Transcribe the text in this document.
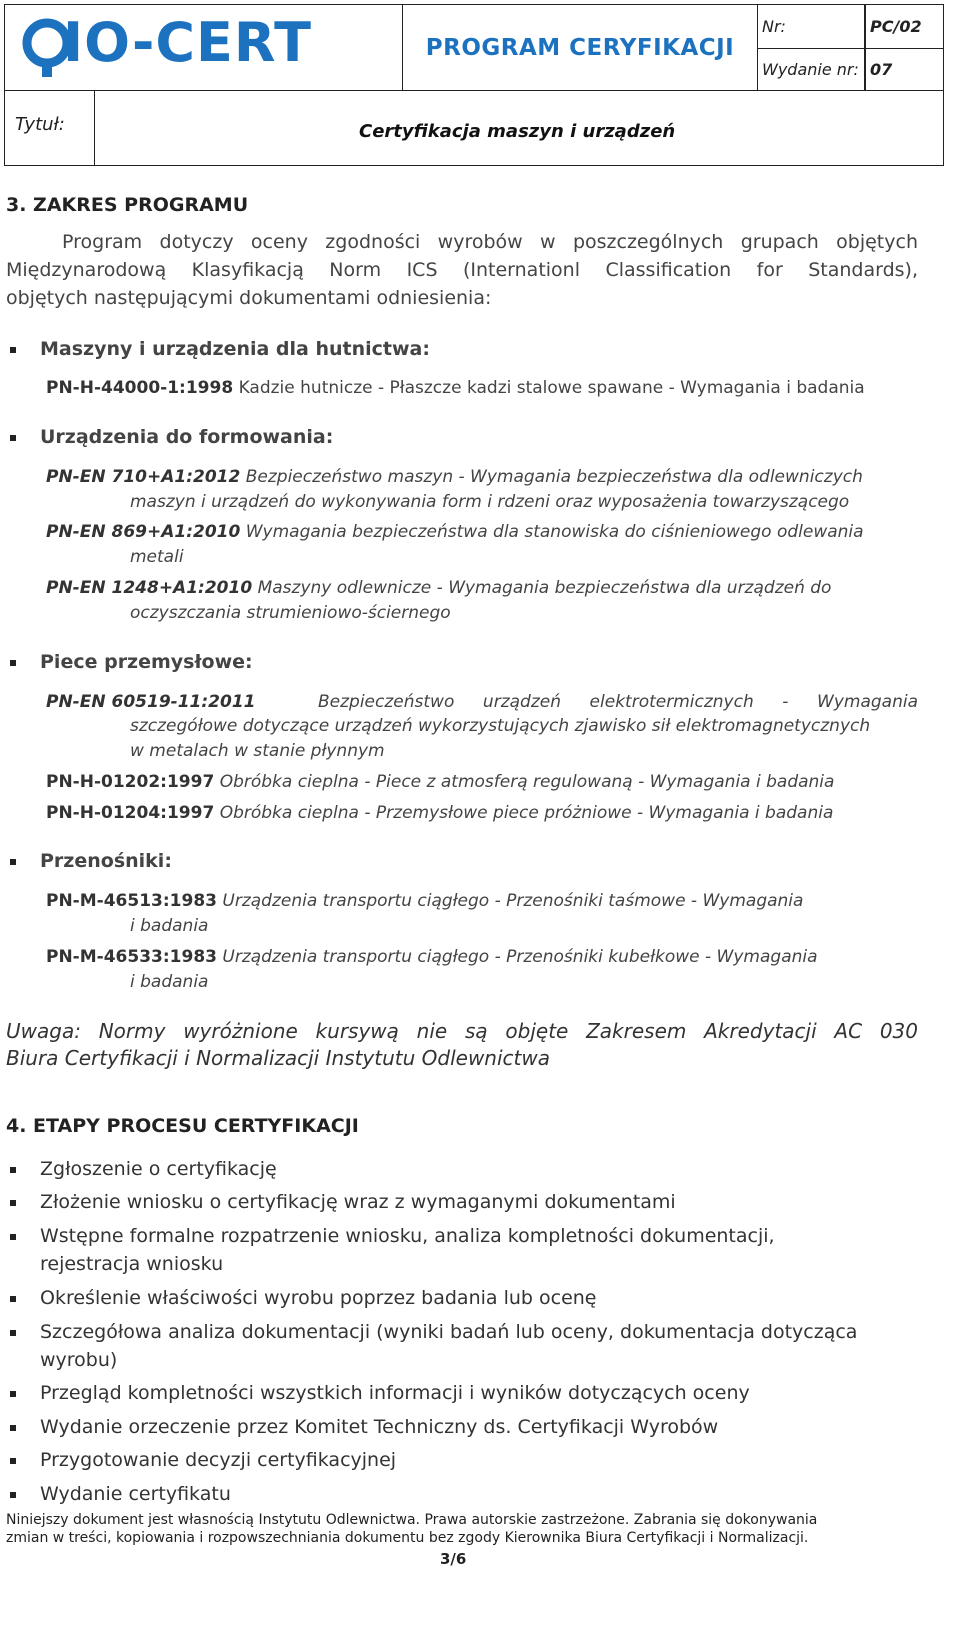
IO-CERT	PROGRAM CERYFIKACJI
Nr:	PC/02
Wydanie nr: 07
Tytuł:	Certyfikacja maszyn i urządzeń
3. ZAKRES PROGRAMU
Program dotyczy oceny zgodności wyrobów w poszczególnych grupach objętych
Międzynarodową Klasyfikacją Norm ICS (Internationl Classification for Standards),
objętych następującymi dokumentami odniesienia:
Maszyny i urządzenia dla hutnictwa:
PN-H-44000-1:1998 Kadzie hutnicze - Płaszcze kadzi stalowe spawane - Wymagania i badania
Urządzenia do formowania:
PN-EN 710+A1:2012 Bezpieczeństwo maszyn - Wymagania bezpieczeństwa dla odlewniczych
maszyn i urządzeń do wykonywania form i rdzeni oraz wyposażenia towarzyszącego
PN-EN 869+A1:2010 Wymagania bezpieczeństwa dla stanowiska do ciśnieniowego odlewania
metali
PN-EN 1248+A1:2010 Maszyny odlewnicze - Wymagania bezpieczeństwa dla urządzeń do
oczyszczania strumieniowo-ściernego
Piece przemysłowe:
PN-EN 60519-11:2011	Bezpieczeństwo urządzeń elektrotermicznych - Wymagania
szczegółowe dotyczące urządzeń wykorzystujących zjawisko sił elektromagnetycznych
w metalach w stanie płynnym
PN-H-01202:1997 Obróbka cieplna - Piece z atmosferą regulowaną - Wymagania i badania
PN-H-01204:1997 Obróbka cieplna - Przemysłowe piece próżniowe - Wymagania i badania
Przenośniki:
PN-M-46513:1983 Urządzenia transportu ciągłego - Przenośniki taśmowe - Wymagania
i badania
PN-M-46533:1983 Urządzenia transportu ciągłego - Przenośniki kubełkowe - Wymagania
i badania
Uwaga: Normy wyróżnione kursywą nie są objęte Zakresem Akredytacji AC 030
Biura Certyfikacji i Normalizacji Instytutu Odlewnictwa
4. ETAPY PROCESU CERTYFIKACJI
Zgłoszenie o certyfikację
Złożenie wniosku o certyfikację wraz z wymaganymi dokumentami
Wstępne formalne rozpatrzenie wniosku, analiza kompletności dokumentacji,
rejestracja wniosku
Określenie właściwości wyrobu poprzez badania lub ocenę
Szczegółowa analiza dokumentacji (wyniki badań lub oceny, dokumentacja dotycząca
wyrobu)
Przegląd kompletności wszystkich informacji i wyników dotyczących oceny
Wydanie orzeczenie przez Komitet Techniczny ds. Certyfikacji Wyrobów
Przygotowanie decyzji certyfikacyjnej
Wydanie certyfikatu
Niniejszy dokument jest własnością Instytutu Odlewnictwa. Prawa autorskie zastrzeżone. Zabrania się dokonywania
zmian w treści, kopiowania i rozpowszechniania dokumentu bez zgody Kierownika Biura Certyfikacji i Normalizacji.
3/6
